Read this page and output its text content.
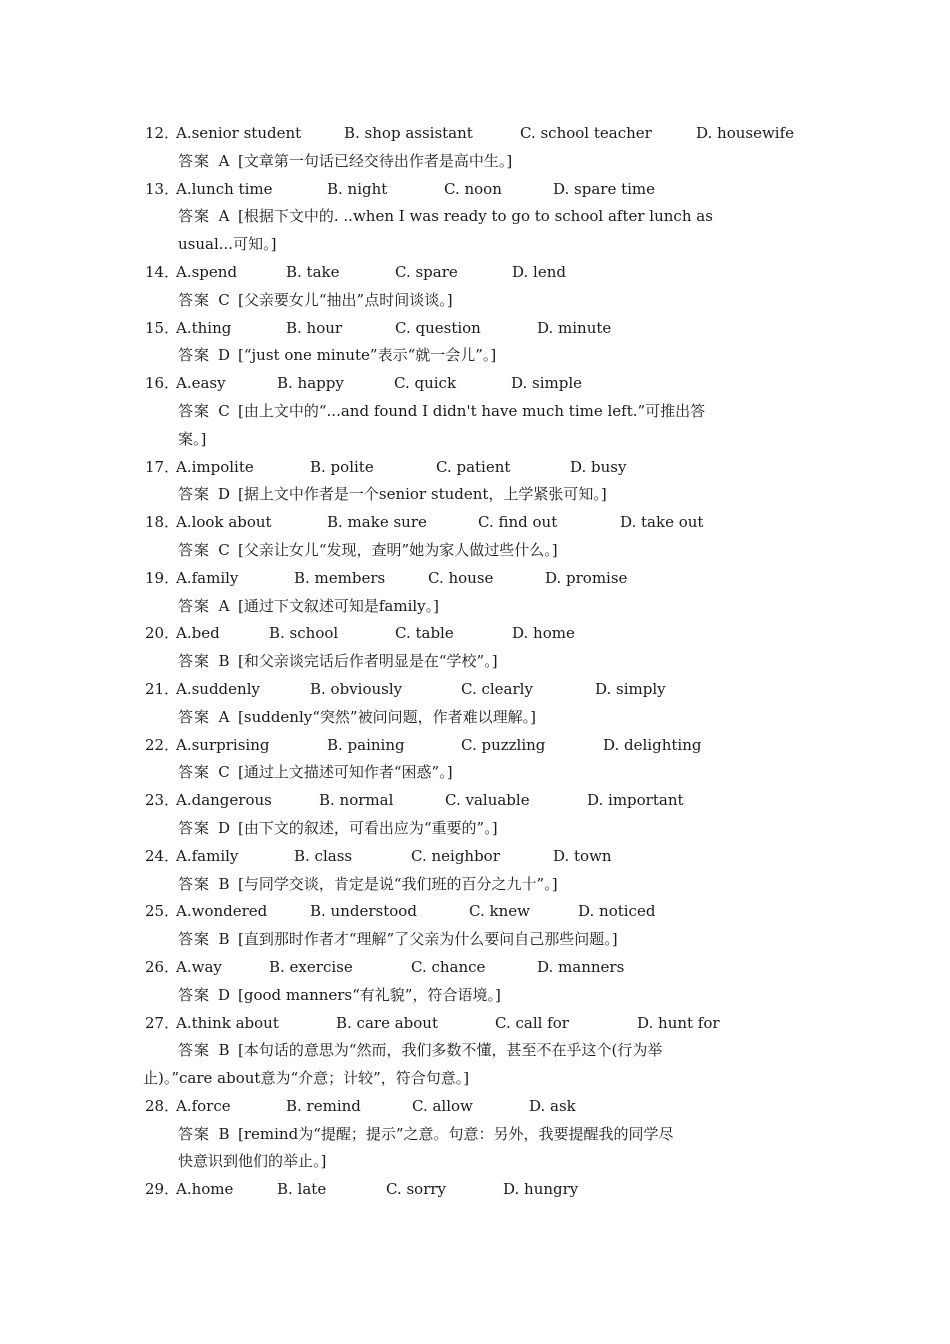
12．
A.senior student	B. shop assistant	C. school teacher	D. housewife
答案 A [文章第一句话已经交待出作者是高中生。]
13．
A.lunch time	B. night	C. noon	D. spare time
答案 A [根据下文中的. ..when I was ready to go to school after lunch as
usual...可知。]
14．
A.spend	B. take	C. spare	D. lend
答案 C [父亲要女儿“抽出”点时间谈谈。]
15．
A.thing	B. hour	C. question	D. minute
答案 D [“just one minute”表示“就一会儿”。]
16．
A.easy	B. happy	C. quick	D. simple
答案 C [由上文中的“...and found I didn't have much time left.”可推出答
案。]
17．
A.impolite	B. polite	C. patient	D. busy
答案 D [据上文中作者是一个senior student，上学紧张可知。]
18．
A.look about	B. make sure	C. find out	D. take out
答案 C [父亲让女儿“发现，查明”她为家人做过些什么。]
19．
A.family	B. members	C. house	D. promise
答案 A [通过下文叙述可知是family。]
20．
A.bed	B. school	C. table	D. home
答案 B [和父亲谈完话后作者明显是在“学校”。]
21．
A.suddenly	B. obviously	C. clearly	D. simply
答案 A [suddenly“突然”被问问题，作者难以理解。]
22．
A.surprising	B. paining	C. puzzling	D. delighting
答案 C [通过上文描述可知作者“困惑”。]
23．
A.dangerous	B. normal	C. valuable	D. important
答案 D [由下文的叙述，可看出应为“重要的”。]
24．
A.family	B. class	C. neighbor	D. town
答案 B [与同学交谈，肯定是说“我们班的百分之九十”。]
25．
A.wondered	B. understood	C. knew	D. noticed
答案 B [直到那时作者才“理解”了父亲为什么要问自己那些问题。]
26．
A.way	B. exercise	C. chance	D. manners
答案 D [good manners“有礼貌”，符合语境。]
27．
A.think about	B. care about	C. call for	D. hunt for
答案 B [本句话的意思为“然而，我们多数不懂，甚至不在乎这个(行为举
止)。”care about意为“介意；计较”，符合句意。]
28．
A.force	B. remind	C. allow	D. ask
答案 B [remind为“提醒；提示”之意。句意：另外，我要提醒我的同学尽
快意识到他们的举止。]
29．
A.home	B. late	C. sorry	D. hungry
